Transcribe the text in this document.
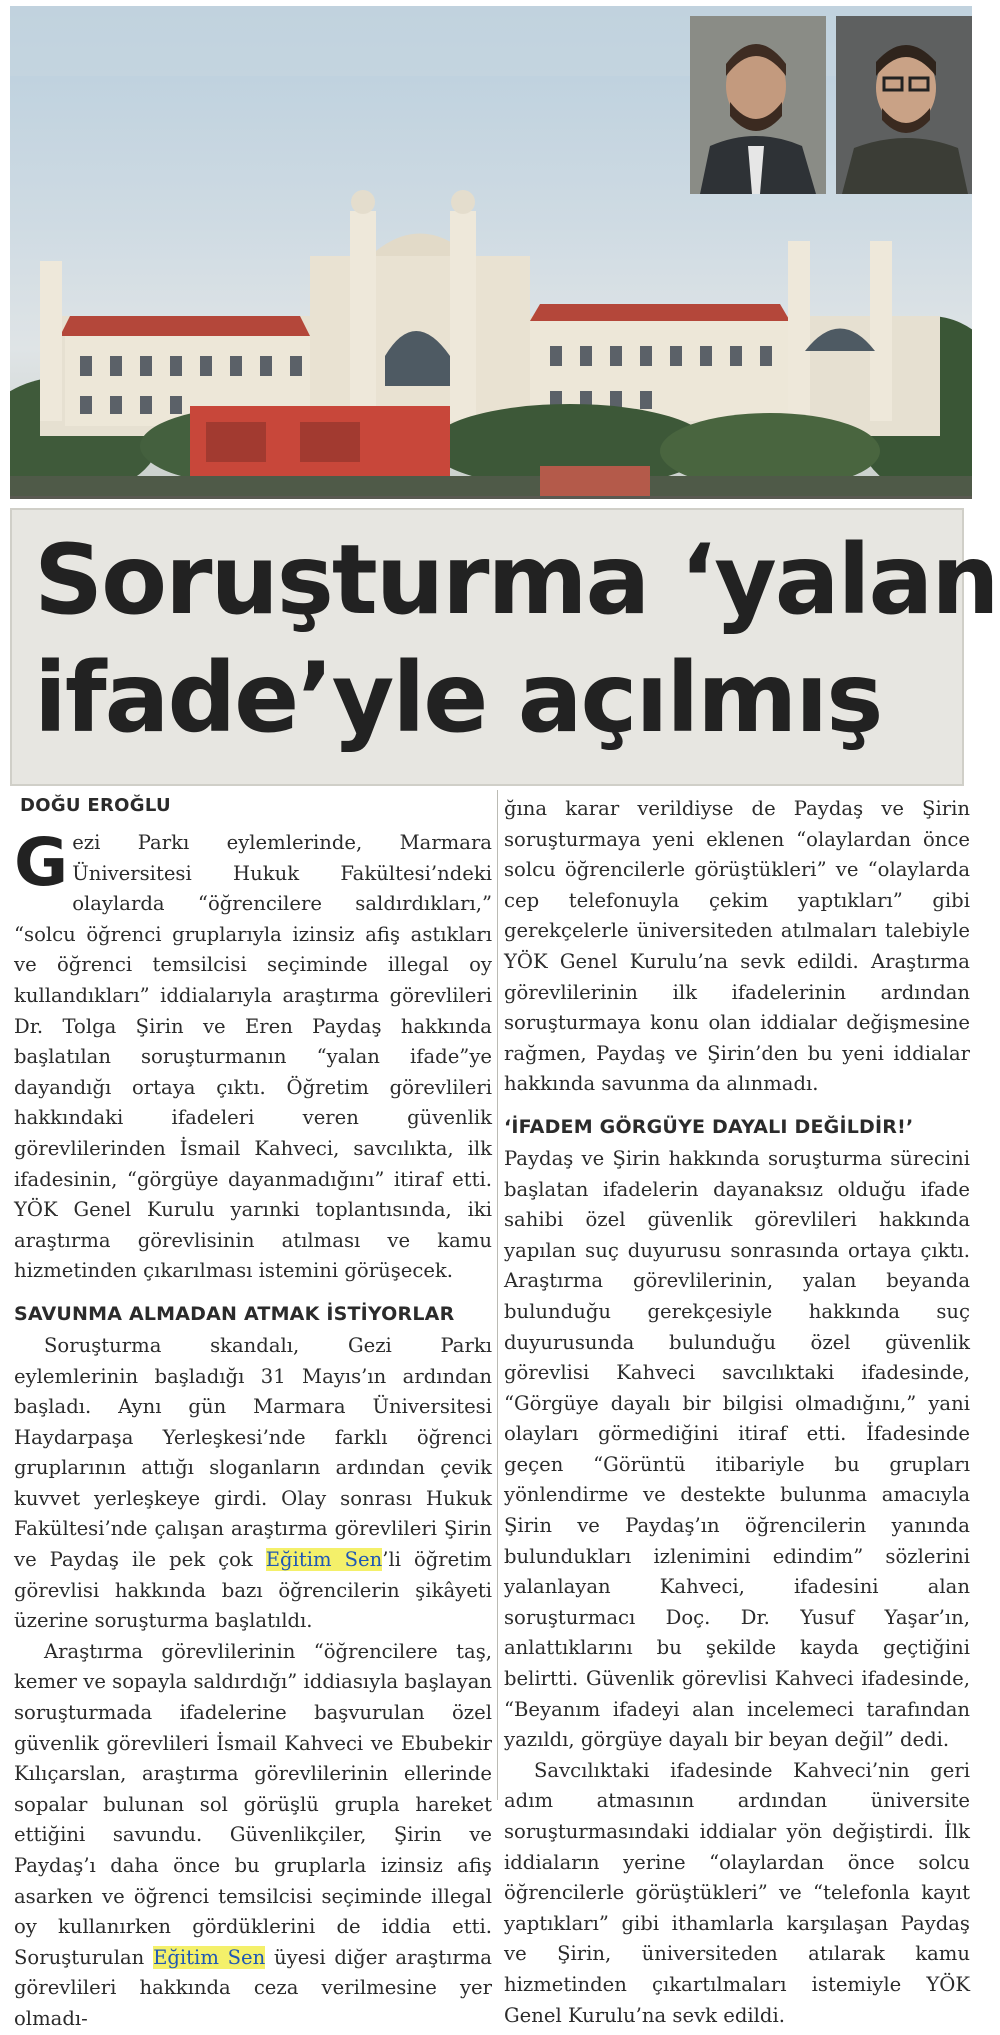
Soruşturma ‘yalan
ifade’yle açılmış
DOĞU EROĞLU

Gezi Parkı eylemlerinde, Marmara Üniversitesi Hukuk Fakültesi’ndeki olaylarda “öğrencilere saldırdıkları,” “solcu öğrenci gruplarıyla izinsiz afiş astıkları ve öğrenci temsilcisi seçiminde illegal oy kullandıkları” iddialarıyla araştırma görevlileri Dr. Tolga Şirin ve Eren Paydaş hakkında başlatılan soruşturmanın “yalan ifade”ye dayandığı ortaya çıktı. Öğretim görevlileri hakkındaki ifadeleri veren güvenlik görevlilerinden İsmail Kahveci, savcılıkta, ilk ifadesinin, “görgüye dayanmadığını” itiraf etti. YÖK Genel Kurulu yarınki toplantısında, iki araştırma görevlisinin atılması ve kamu hizmetinden çıkarılması istemini görüşecek.

SAVUNMA ALMADAN ATMAK İSTİYORLAR

Soruşturma skandalı, Gezi Parkı eylemlerinin başladığı 31 Mayıs’ın ardından başladı. Aynı gün Marmara Üniversitesi Haydarpaşa Yerleşkesi’nde farklı öğrenci gruplarının attığı sloganların ardından çevik kuvvet yerleşkeye girdi. Olay sonrası Hukuk Fakültesi’nde çalışan araştırma görevlileri Şirin ve Paydaş ile pek çok Eğitim Sen’li öğretim görevlisi hakkında bazı öğrencilerin şikâyeti üzerine soruşturma başlatıldı.

Araştırma görevlilerinin “öğrencilere taş, kemer ve sopayla saldırdığı” iddiasıyla başlayan soruşturmada ifadelerine başvurulan özel güvenlik görevlileri İsmail Kahveci ve Ebubekir Kılıçarslan, araştırma görevlilerinin ellerinde sopalar bulunan sol görüşlü grupla hareket ettiğini savundu. Güvenlikçiler, Şirin ve Paydaş’ı daha önce bu gruplarla izinsiz afiş asarken ve öğrenci temsilcisi seçiminde illegal oy kullanırken gördüklerini de iddia etti. Soruşturulan Eğitim Sen üyesi diğer araştırma görevlileri hakkında ceza verilmesine yer olmadı-

ğına karar verildiyse de Paydaş ve Şirin soruşturmaya yeni eklenen “olaylardan önce solcu öğrencilerle görüştükleri” ve “olaylarda cep telefonuyla çekim yaptıkları” gibi gerekçelerle üniversiteden atılmaları talebiyle YÖK Genel Kurulu’na sevk edildi. Araştırma görevlilerinin ilk ifadelerinin ardından soruşturmaya konu olan iddialar değişmesine rağmen, Paydaş ve Şirin’den bu yeni iddialar hakkında savunma da alınmadı.

‘İFADEM GÖRGÜYE DAYALI DEĞİLDİR!’

Paydaş ve Şirin hakkında soruşturma sürecini başlatan ifadelerin dayanaksız olduğu ifade sahibi özel güvenlik görevlileri hakkında yapılan suç duyurusu sonrasında ortaya çıktı. Araştırma görevlilerinin, yalan beyanda bulunduğu gerekçesiyle hakkında suç duyurusunda bulunduğu özel güvenlik görevlisi Kahveci savcılıktaki ifadesinde, “Görgüye dayalı bir bilgisi olmadığını,” yani olayları görmediğini itiraf etti. İfadesinde geçen “Görüntü itibariyle bu grupları yönlendirme ve destekte bulunma amacıyla Şirin ve Paydaş’ın öğrencilerin yanında bulundukları izlenimini edindim” sözlerini yalanlayan Kahveci, ifadesini alan soruşturmacı Doç. Dr. Yusuf Yaşar’ın, anlattıklarını bu şekilde kayda geçtiğini belirtti. Güvenlik görevlisi Kahveci ifadesinde, “Beyanım ifadeyi alan incelemeci tarafından yazıldı, görgüye dayalı bir beyan değil” dedi.

Savcılıktaki ifadesinde Kahveci’nin geri adım atmasının ardından üniversite soruşturmasındaki iddialar yön değiştirdi. İlk iddiaların yerine “olaylardan önce solcu öğrencilerle görüştükleri” ve “telefonla kayıt yaptıkları” gibi ithamlarla karşılaşan Paydaş ve Şirin, üniversiteden atılarak kamu hizmetinden çıkartılmaları istemiyle YÖK Genel Kurulu’na sevk edildi.
